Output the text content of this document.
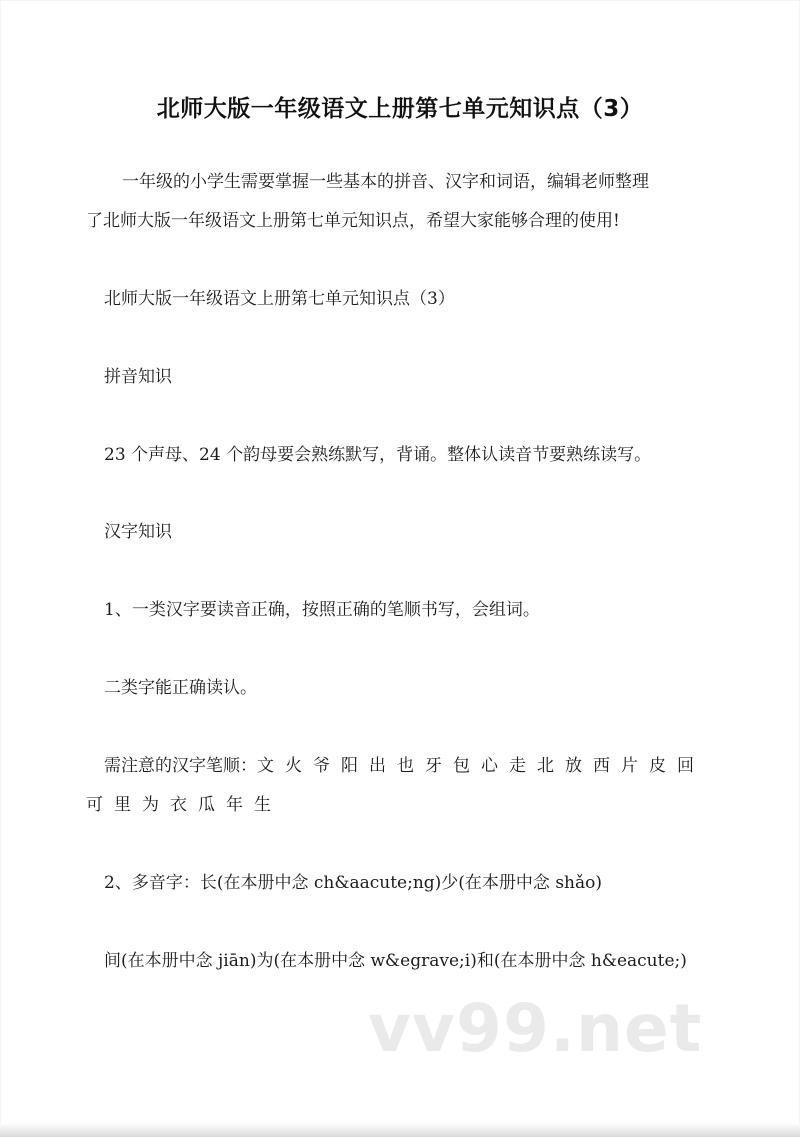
北师大版一年级语文上册第七单元知识点（3）
一年级的小学生需要掌握一些基本的拼音、汉字和词语，编辑老师整理
了北师大版一年级语文上册第七单元知识点，希望大家能够合理的使用!
北师大版一年级语文上册第七单元知识点（3）
拼音知识
23 个声母、24 个韵母要会熟练默写，背诵。整体认读音节要熟练读写。
汉字知识
1、一类汉字要读音正确，按照正确的笔顺书写，会组词。
二类字能正确读认。
需注意的汉字笔顺：文火爷阳出也牙包心走北放西片皮回
可里为衣瓜年生
2、多音字：长(在本册中念 ch&aacute;ng)少(在本册中念 shǎo)
间(在本册中念 jiān)为(在本册中念 w&egrave;i)和(在本册中念 h&eacute;)
vv99.net
